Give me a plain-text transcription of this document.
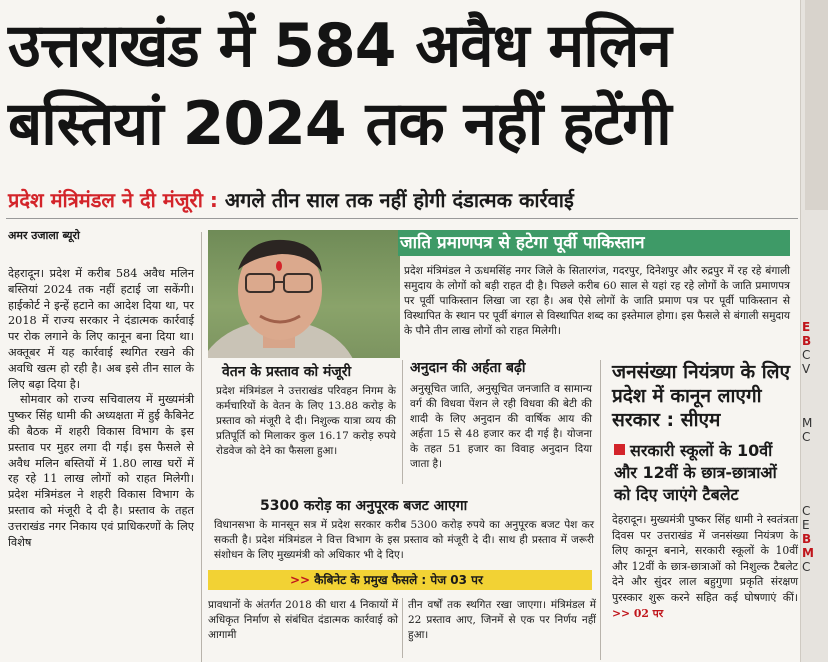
उत्तराखंड में 584 अवैध मलिन
बस्तियां 2024 तक नहीं हटेंगी
प्रदेश मंत्रिमंडल ने दी मंजूरी : अगले तीन साल तक नहीं होगी दंडात्मक कार्रवाई
अमर उजाला ब्यूरो

देहरादून। प्रदेश में करीब 584 अवैध मलिन बस्तियां 2024 तक नहीं हटाई जा सकेंगी। हाईकोर्ट ने इन्हें हटाने का आदेश दिया था, पर 2018 में राज्य सरकार ने दंडात्मक कार्रवाई पर रोक लगाने के लिए कानून बना दिया था। अक्तूबर में यह कार्रवाई स्थगित रखने की अवधि खत्म हो रही है। अब इसे तीन साल के लिए बढ़ा दिया है।

सोमवार को राज्य सचिवालय में मुख्यमंत्री पुष्कर सिंह धामी की अध्यक्षता में हुई कैबिनेट की बैठक में शहरी विकास विभाग के इस प्रस्ताव पर मुहर लगा दी गई। इस फैसले से अवैध मलिन बस्तियों में 1.80 लाख घरों में रह रहे 11 लाख लोगों को राहत मिलेगी। प्रदेश मंत्रिमंडल ने शहरी विकास विभाग के प्रस्ताव को मंजूरी दे दी है। प्रस्ताव के तहत उत्तराखंड नगर निकाय एवं प्राधिकरणों के लिए विशेष

जाति प्रमाणपत्र से हटेगा पूर्वी पाकिस्तान
प्रदेश मंत्रिमंडल ने ऊधमसिंह नगर जिले के सितारगंज, गदरपुर, दिनेशपुर और रुद्रपुर में रह रहे बंगाली समुदाय के लोगों को बड़ी राहत दी है। पिछले करीब 60 साल से यहां रह रहे लोगों के जाति प्रमाणपत्र पर पूर्वी पाकिस्तान लिखा जा रहा है। अब ऐसे लोगों के जाति प्रमाण पत्र पर पूर्वी पाकिस्तान से विस्थापित के स्थान पर पूर्वी बंगाल से विस्थापित शब्द का इस्तेमाल होगा। इस फैसले से बंगाली समुदाय के पौने तीन लाख लोगों को राहत मिलेगी।
वेतन के प्रस्ताव को मंजूरी
प्रदेश मंत्रिमंडल ने उत्तराखंड परिवहन निगम के कर्मचारियों के वेतन के लिए 13.88 करोड़ के प्रस्ताव को मंजूरी दे दी। निशुल्क यात्रा व्यय की प्रतिपूर्ति को मिलाकर कुल 16.17 करोड़ रुपये रोडवेज को देने का फैसला हुआ।
अनुदान की अर्हता बढ़ी
अनुसूचित जाति, अनुसूचित जनजाति व सामान्य वर्ग की विधवा पेंशन ले रही विधवा की बेटी की शादी के लिए अनुदान की वार्षिक आय की अर्हता 15 से 48 हजार कर दी गई है। योजना के तहत 51 हजार का विवाह अनुदान दिया जाता है।
5300 करोड़ का अनुपूरक बजट आएगा
विधानसभा के मानसून सत्र में प्रदेश सरकार करीब 5300 करोड़ रुपये का अनुपूरक बजट पेश कर सकती है। प्रदेश मंत्रिमंडल ने वित्त विभाग के इस प्रस्ताव को मंजूरी दे दी। साथ ही प्रस्ताव में जरूरी संशोधन के लिए मुख्यमंत्री को अधिकार भी दे दिए।
>> कैबिनेट के प्रमुख फैसले : पेज 03 पर
प्रावधानों के अंतर्गत 2018 की धारा 4 निकायों में अधिकृत निर्माण से संबंधित दंडात्मक कार्रवाई को आगामी
तीन वर्षों तक स्थगित रखा जाएगा। मंत्रिमंडल में 22 प्रस्ताव आए, जिनमें से एक पर निर्णय नहीं हुआ।
जनसंख्या नियंत्रण के लिए प्रदेश में कानून लाएगी सरकार : सीएम
सरकारी स्कूलों के 10वीं और 12वीं के छात्र-छात्राओं को दिए जाएंगे टैबलेट
देहरादून। मुख्यमंत्री पुष्कर सिंह धामी ने स्वतंत्रता दिवस पर उत्तराखंड में जनसंख्या नियंत्रण के लिए कानून बनाने, सरकारी स्कूलों के 10वीं और 12वीं के छात्र-छात्राओं को निशुल्क टैबलेट देने और सुंदर लाल बहुगुणा प्रकृति संरक्षण पुरस्कार शुरू करने सहित कई घोषणाएं कीं। >> 02 पर
E
B
C
V
M
C
C
E
B
M
C
